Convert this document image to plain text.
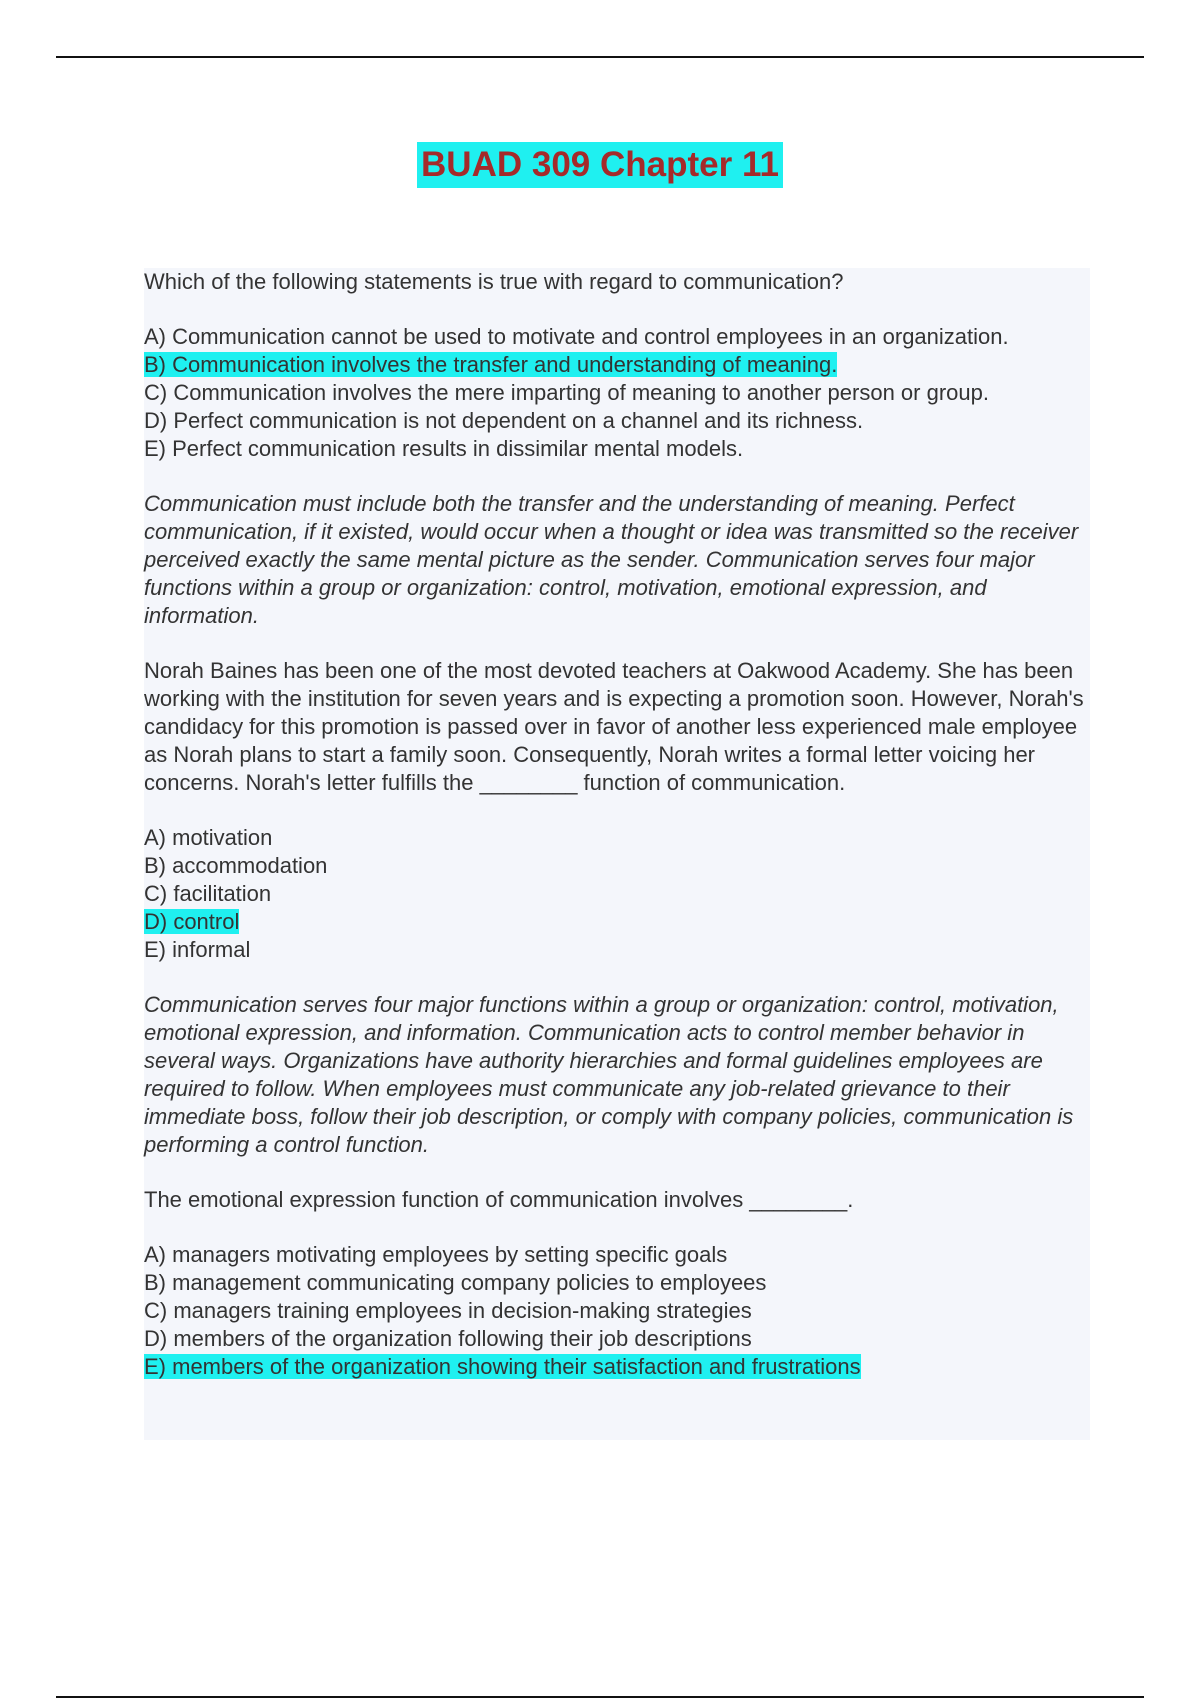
BUAD 309 Chapter 11

Which of the following statements is true with regard to communication?

A) Communication cannot be used to motivate and control employees in an organization.
B) Communication involves the transfer and understanding of meaning.
C) Communication involves the mere imparting of meaning to another person or group.
D) Perfect communication is not dependent on a channel and its richness.
E) Perfect communication results in dissimilar mental models.

Communication must include both the transfer and the understanding of meaning. Perfect communication, if it existed, would occur when a thought or idea was transmitted so the receiver perceived exactly the same mental picture as the sender. Communication serves four major functions within a group or organization: control, motivation, emotional expression, and information.

Norah Baines has been one of the most devoted teachers at Oakwood Academy. She has been working with the institution for seven years and is expecting a promotion soon. However, Norah's candidacy for this promotion is passed over in favor of another less experienced male employee as Norah plans to start a family soon. Consequently, Norah writes a formal letter voicing her concerns. Norah's letter fulfills the ________ function of communication.

A) motivation
B) accommodation
C) facilitation
D) control
E) informal

Communication serves four major functions within a group or organization: control, motivation, emotional expression, and information. Communication acts to control member behavior in several ways. Organizations have authority hierarchies and formal guidelines employees are required to follow. When employees must communicate any job-related grievance to their immediate boss, follow their job description, or comply with company policies, communication is performing a control function.

The emotional expression function of communication involves ________.

A) managers motivating employees by setting specific goals
B) management communicating company policies to employees
C) managers training employees in decision-making strategies
D) members of the organization following their job descriptions
E) members of the organization showing their satisfaction and frustrations
